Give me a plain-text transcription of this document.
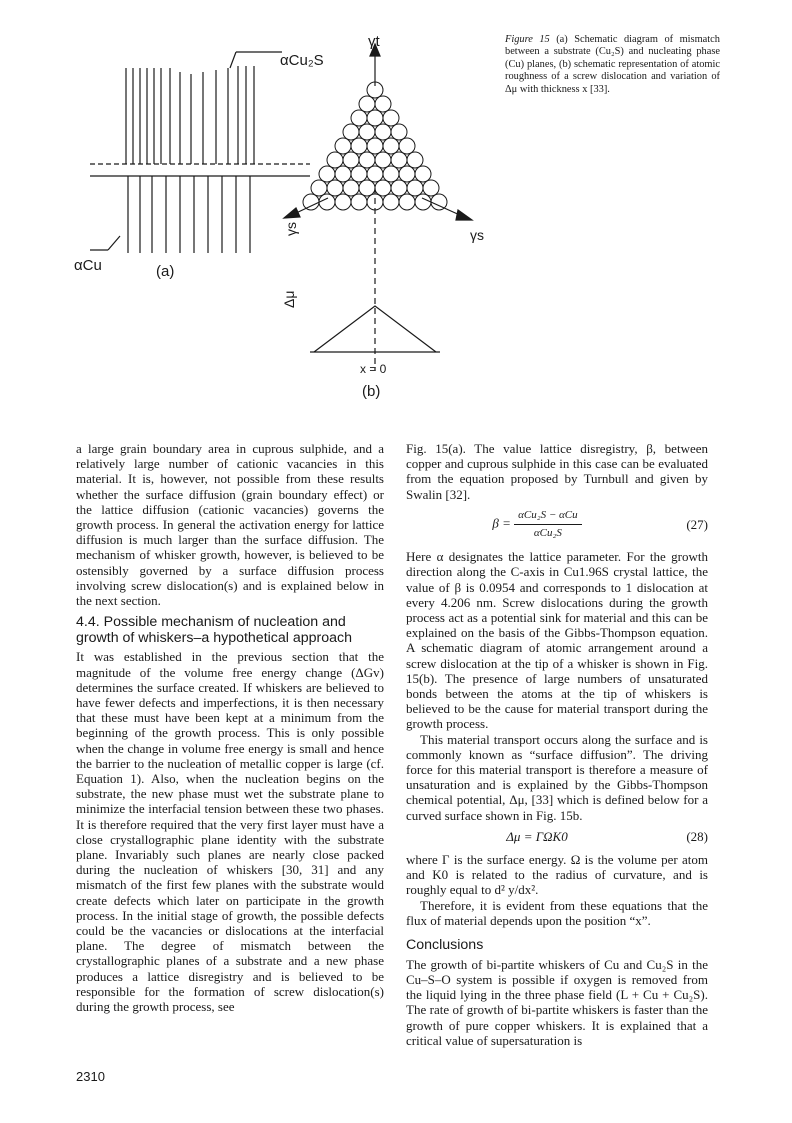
αCu₂S
αCu	(a)
γt
γs	γs
Δμ
x = 0
(b)
Figure 15 (a) Schematic diagram of mismatch between a substrate (Cu₂S) and nucleating phase (Cu) planes, (b) schematic representation of atomic roughness of a screw dislocation and variation of Δμ with thickness x [33].

a large grain boundary area in cuprous sulphide, and a relatively large number of cationic vacancies in this material. It is, however, not possible from these results whether the surface diffusion (grain boundary effect) or the lattice diffusion (cationic vacancies) governs the growth process. In general the activation energy for lattice diffusion is much larger than the surface diffusion. The mechanism of whisker growth, however, is believed to be ostensibly governed by a surface diffusion process involving screw dislocation(s) and is explained below in the next section.

4.4. Possible mechanism of nucleation and growth of whiskers–a hypothetical approach

It was established in the previous section that the magnitude of the volume free energy change (ΔGv) determines the surface created. If whiskers are believed to have fewer defects and imperfections, it is then necessary that these must have been kept at a minimum from the beginning of the growth process. This is only possible when the change in volume free energy is small and hence the barrier to the nucleation of metallic copper is large (cf. Equation 1). Also, when the nucleation begins on the substrate, the new phase must wet the substrate plane to minimize the interfacial tension between these two phases. It is therefore required that the very first layer must have a close crystallographic plane identity with the substrate plane. Invariably such planes are nearly close packed during the nucleation of whiskers [30, 31] and any mismatch of the first few planes with the substrate would create defects which later on participate in the growth process. In the initial stage of growth, the possible defects could be the vacancies or dislocations at the interfacial plane. The degree of mismatch between the crystallographic planes of a substrate and a new phase produces a lattice disregistry and is believed to be responsible for the formation of screw dislocation(s) during the growth process, see

Fig. 15(a). The value lattice disregistry, β, between copper and cuprous sulphide in this case can be evaluated from the equation proposed by Turnbull and given by Swalin [32].

$\beta = \frac{\text{αCu₂S − αCu}}{\text{αCu₂S}}$	(27)

Here α designates the lattice parameter. For the growth direction along the C-axis in Cu1.96S crystal lattice, the value of β is 0.0954 and corresponds to 1 dislocation at every 4.206 nm. Screw dislocations during the growth process act as a potential sink for material and this can be explained on the basis of the Gibbs-Thompson equation. A schematic diagram of atomic arrangement around a screw dislocation at the tip of a whisker is shown in Fig. 15(b). The presence of large numbers of unsaturated bonds between the atoms at the tip of whiskers is believed to be the cause for material transport during the growth process.

This material transport occurs along the surface and is commonly known as “surface diffusion”. The driving force for this material transport is therefore a measure of unsaturation and is explained by the Gibbs-Thompson chemical potential, Δμ, [33] which is defined below for a curved surface shown in Fig. 15b.

Δμ = ΓΩK0	(28)

where Γ is the surface energy. Ω is the volume per atom and K0 is related to the radius of curvature, and is roughly equal to d² y/dx².

Therefore, it is evident from these equations that the flux of material depends upon the position “x”.

Conclusions

The growth of bi-partite whiskers of Cu and Cu₂S in the Cu–S–O system is possible if oxygen is removed from the liquid lying in the three phase field (L + Cu + Cu₂S). The rate of growth of bi-partite whiskers is faster than the growth of pure copper whiskers. It is explained that a critical value of supersaturation is

2310
